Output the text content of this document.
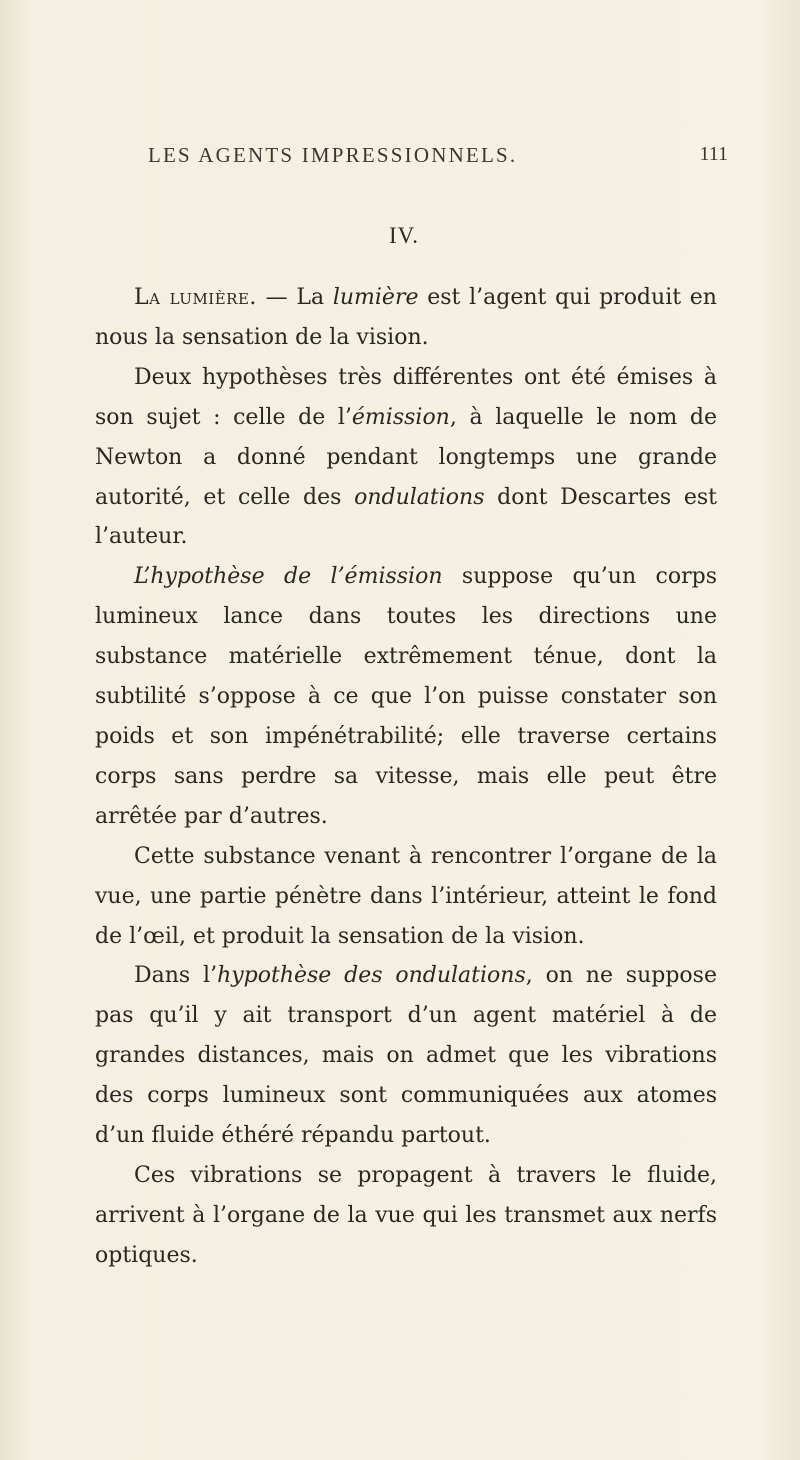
LES AGENTS IMPRESSIONNELS.	111
IV.

La lumière. — La lumière est l’agent qui produit en nous la sensation de la vision.

Deux hypothèses très différentes ont été émises à son sujet : celle de l’émission, à laquelle le nom de Newton a donné pendant longtemps une grande autorité, et celle des ondulations dont Descartes est l’auteur.

L’hypothèse de l’émission suppose qu’un corps lumineux lance dans toutes les directions une substance matérielle extrêmement ténue, dont la subtilité s’oppose à ce que l’on puisse constater son poids et son impénétrabilité; elle traverse certains corps sans perdre sa vitesse, mais elle peut être arrêtée par d’autres.

Cette substance venant à rencontrer l’organe de la vue, une partie pénètre dans l’intérieur, atteint le fond de l’œil, et produit la sensation de la vision.

Dans l’hypothèse des ondulations, on ne suppose pas qu’il y ait transport d’un agent matériel à de grandes distances, mais on admet que les vibrations des corps lumineux sont communiquées aux atomes d’un fluide éthéré répandu partout.

Ces vibrations se propagent à travers le fluide, arrivent à l’organe de la vue qui les transmet aux nerfs optiques.
